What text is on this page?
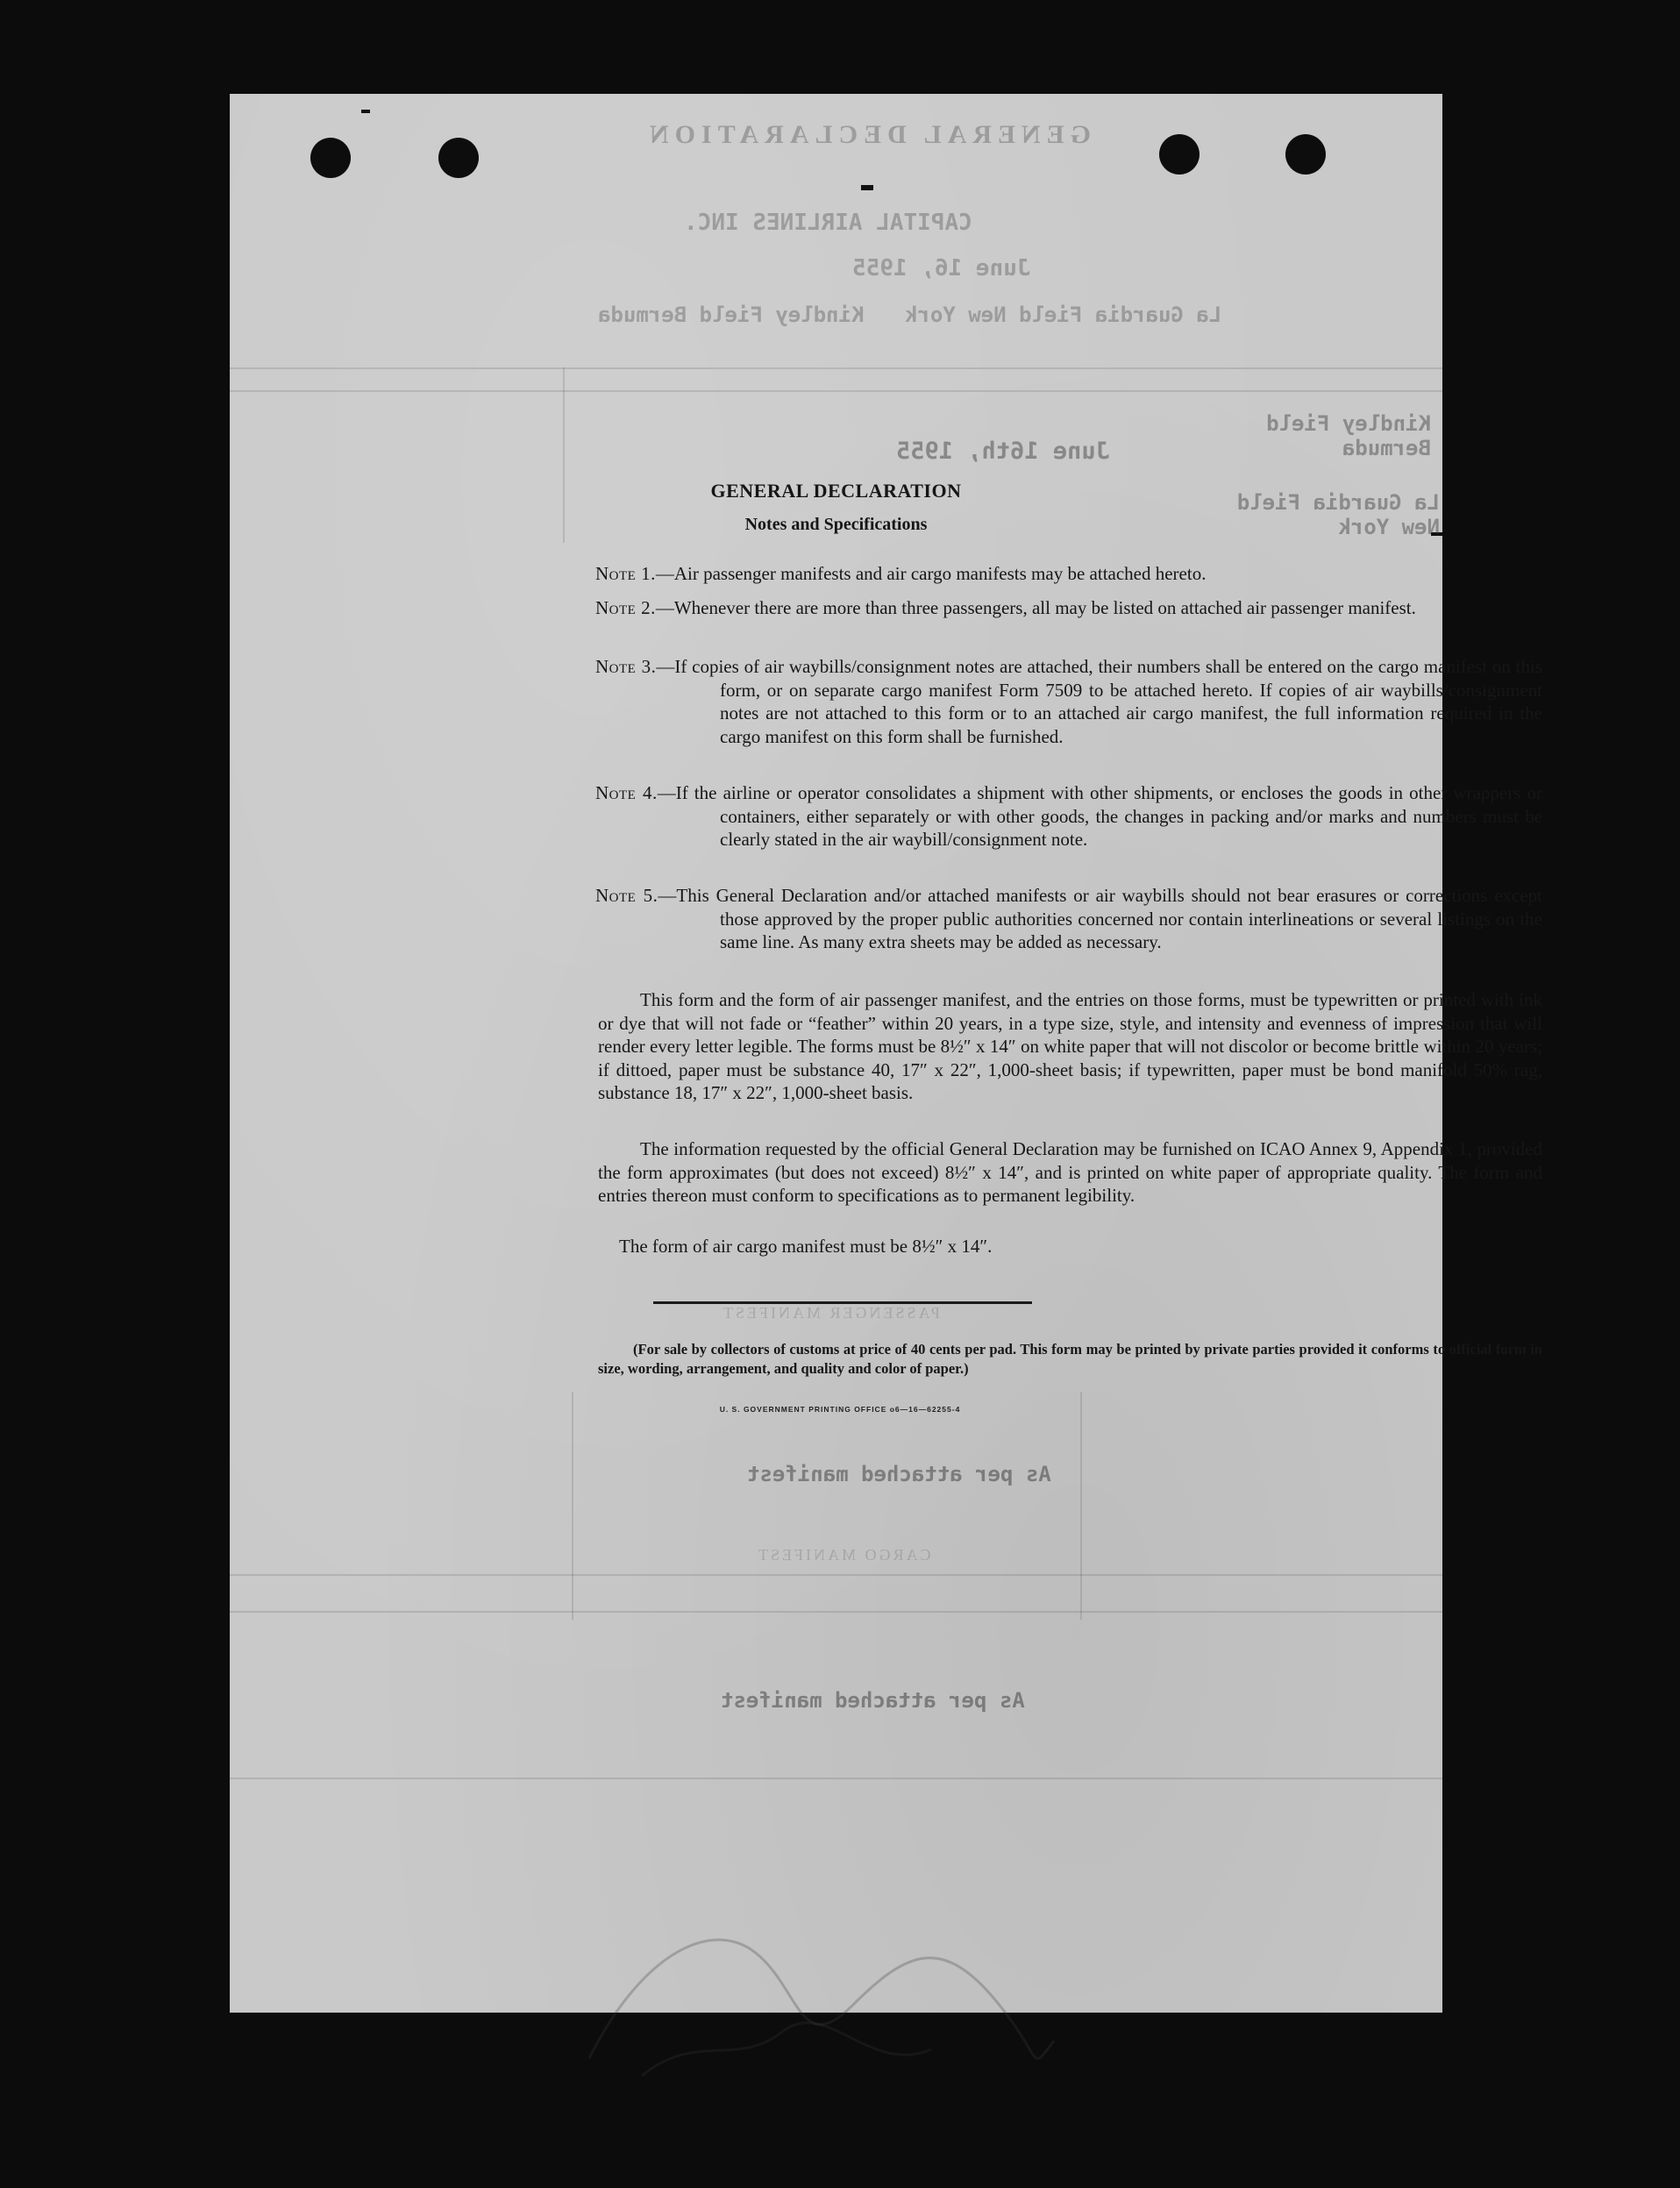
GENERAL DECLARATION
CAPITAL AIRLINES INC.
June 16, 1955
Kindley Field Bermuda La Guardia Field New York
June 16th, 1955
Kindley Field Bermuda
La Guardia Field New York
PASSENGER MANIFEST
As per attached manifest
CARGO MANIFEST
As per attached manifest
GENERAL DECLARATION
Notes and Specifications
Note 1.—Air passenger manifests and air cargo manifests may be attached hereto.
Note 2.—Whenever there are more than three passengers, all may be listed on attached air passenger manifest.
Note 3.—If copies of air waybills/consignment notes are attached, their numbers shall be entered on the cargo manifest on this form, or on separate cargo manifest Form 7509 to be attached hereto. If copies of air waybills/consignment notes are not attached to this form or to an attached air cargo manifest, the full information required in the cargo manifest on this form shall be furnished.
Note 4.—If the airline or operator consolidates a shipment with other shipments, or encloses the goods in other wrappers or containers, either separately or with other goods, the changes in packing and/or marks and numbers must be clearly stated in the air waybill/consignment note.
Note 5.—This General Declaration and/or attached manifests or air waybills should not bear erasures or corrections except those approved by the proper public authorities concerned nor contain interlineations or several listings on the same line. As many extra sheets may be added as necessary.
This form and the form of air passenger manifest, and the entries on those forms, must be typewritten or printed with ink or dye that will not fade or “feather” within 20 years, in a type size, style, and intensity and evenness of impression that will render every letter legible. The forms must be 8½″ x 14″ on white paper that will not discolor or become brittle within 20 years; if dittoed, paper must be substance 40, 17″ x 22″, 1,000-sheet basis; if typewritten, paper must be bond manifold 50% rag, substance 18, 17″ x 22″, 1,000-sheet basis.
The information requested by the official General Declaration may be furnished on ICAO Annex 9, Appendix 1, provided the form approximates (but does not exceed) 8½″ x 14″, and is printed on white paper of appropriate quality. The form and entries thereon must conform to specifications as to permanent legibility.
The form of air cargo manifest must be 8½″ x 14″.
(For sale by collectors of customs at price of 40 cents per pad. This form may be printed by private parties provided it conforms to official form in size, wording, arrangement, and quality and color of paper.)
U. S. GOVERNMENT PRINTING OFFICE o6—16—62255-4
